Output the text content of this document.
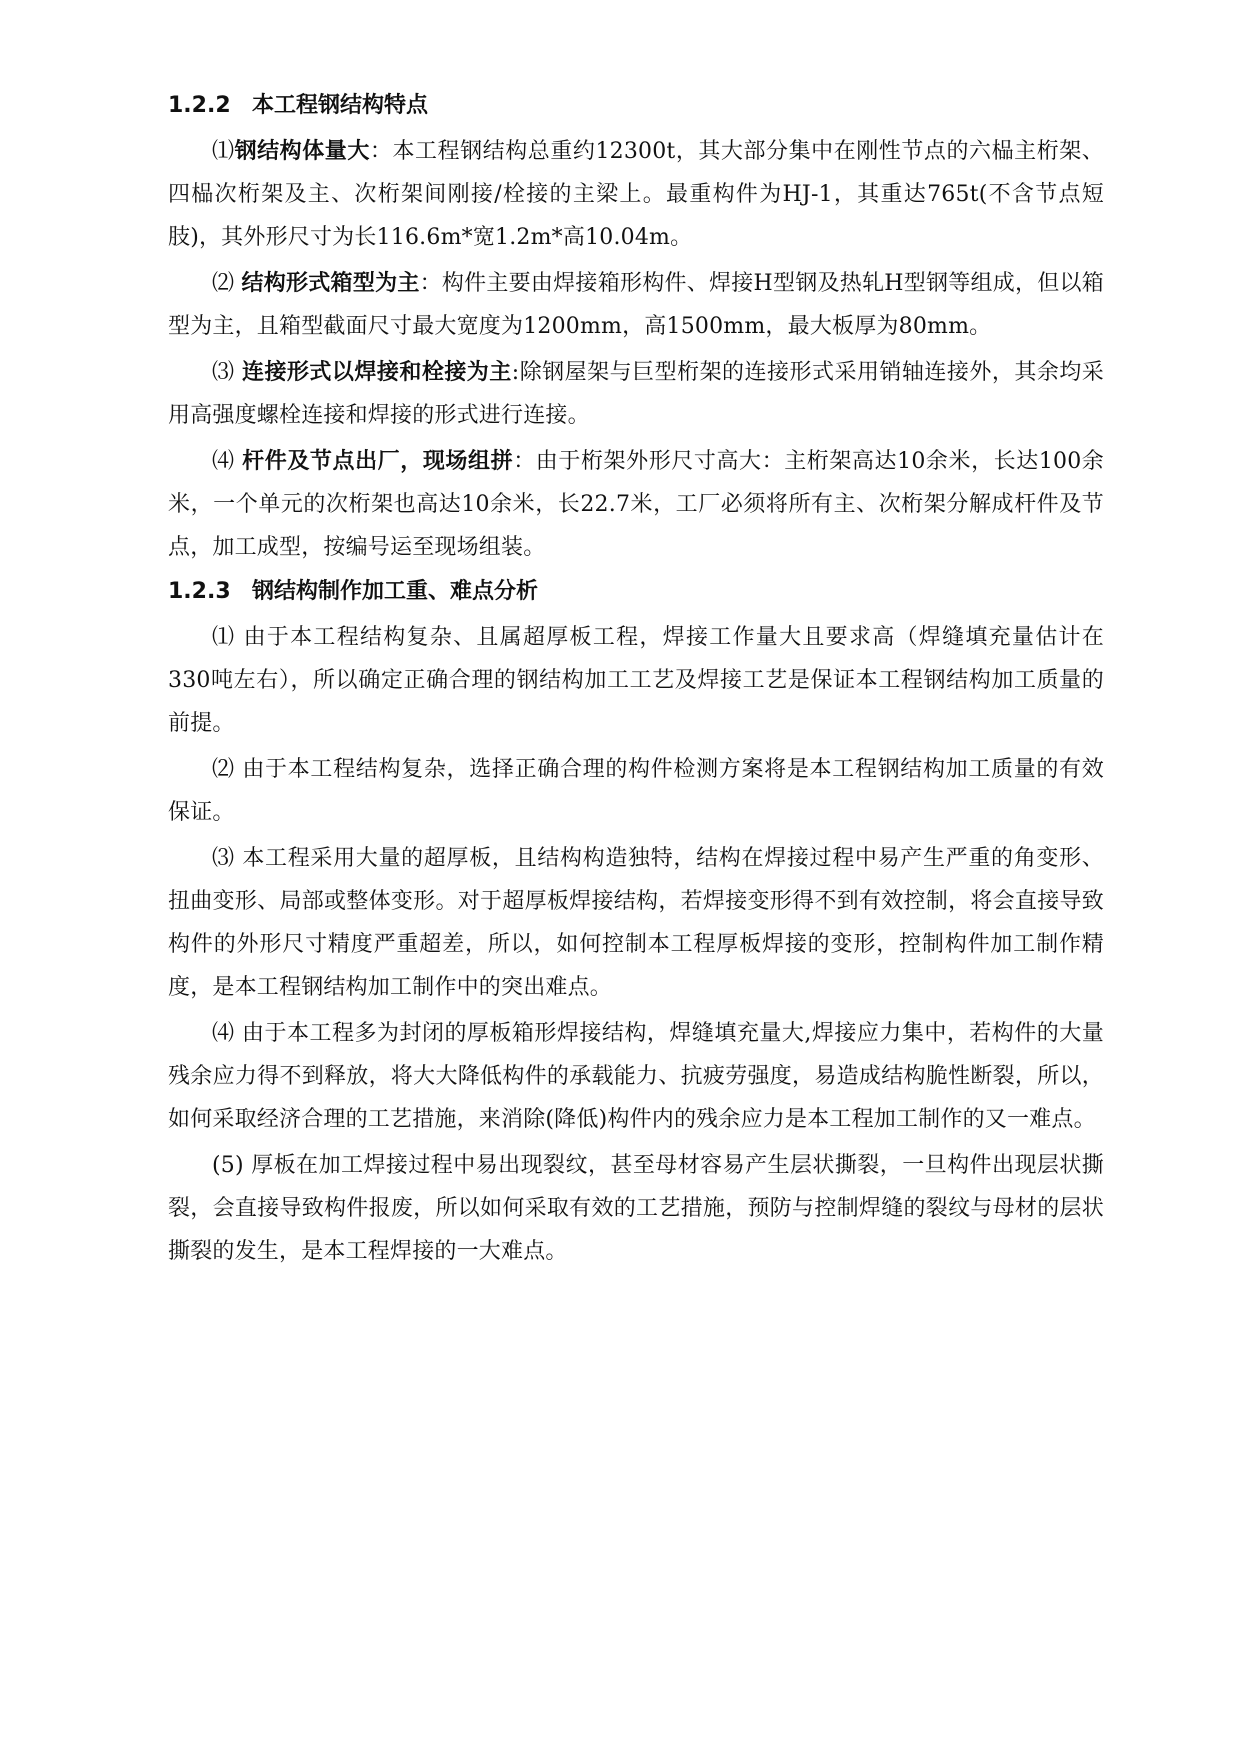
1.2.2 本工程钢结构特点

⑴钢结构体量大：本工程钢结构总重约12300t，其大部分集中在刚性节点的六榀主桁架、四榀次桁架及主、次桁架间刚接/栓接的主梁上。最重构件为HJ-1，其重达765t(不含节点短肢)，其外形尺寸为长116.6m*宽1.2m*高10.04m。

⑵ 结构形式箱型为主：构件主要由焊接箱形构件、焊接H型钢及热轧H型钢等组成，但以箱型为主，且箱型截面尺寸最大宽度为1200mm，高1500mm，最大板厚为80mm。

⑶ 连接形式以焊接和栓接为主:除钢屋架与巨型桁架的连接形式采用销轴连接外，其余均采用高强度螺栓连接和焊接的形式进行连接。

⑷ 杆件及节点出厂，现场组拼：由于桁架外形尺寸高大：主桁架高达10余米，长达100余米，一个单元的次桁架也高达10余米，长22.7米，工厂必须将所有主、次桁架分解成杆件及节点，加工成型，按编号运至现场组装。

1.2.3 钢结构制作加工重、难点分析

⑴ 由于本工程结构复杂、且属超厚板工程，焊接工作量大且要求高（焊缝填充量估计在330吨左右），所以确定正确合理的钢结构加工工艺及焊接工艺是保证本工程钢结构加工质量的前提。

⑵ 由于本工程结构复杂，选择正确合理的构件检测方案将是本工程钢结构加工质量的有效保证。

⑶ 本工程采用大量的超厚板，且结构构造独特，结构在焊接过程中易产生严重的角变形、扭曲变形、局部或整体变形。对于超厚板焊接结构，若焊接变形得不到有效控制，将会直接导致构件的外形尺寸精度严重超差，所以，如何控制本工程厚板焊接的变形，控制构件加工制作精度，是本工程钢结构加工制作中的突出难点。

⑷ 由于本工程多为封闭的厚板箱形焊接结构，焊缝填充量大,焊接应力集中，若构件的大量残余应力得不到释放，将大大降低构件的承载能力、抗疲劳强度，易造成结构脆性断裂，所以，如何采取经济合理的工艺措施，来消除(降低)构件内的残余应力是本工程加工制作的又一难点。

(5) 厚板在加工焊接过程中易出现裂纹，甚至母材容易产生层状撕裂，一旦构件出现层状撕裂，会直接导致构件报废，所以如何采取有效的工艺措施，预防与控制焊缝的裂纹与母材的层状撕裂的发生，是本工程焊接的一大难点。
